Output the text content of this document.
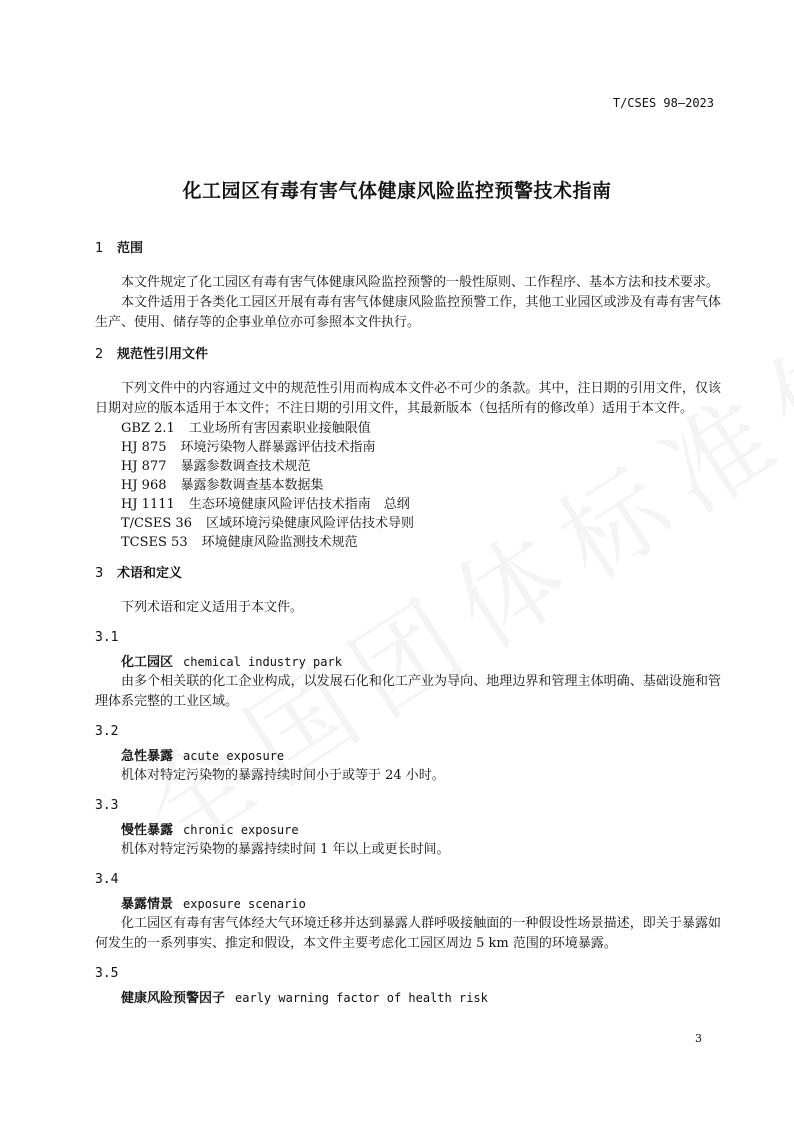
T/CSES 98—2023
化工园区有毒有害气体健康风险监控预警技术指南
1 范围

本文件规定了化工园区有毒有害气体健康风险监控预警的一般性原则、工作程序、基本方法和技术要求。

本文件适用于各类化工园区开展有毒有害气体健康风险监控预警工作，其他工业园区或涉及有毒有害气体生产、使用、储存等的企事业单位亦可参照本文件执行。

2 规范性引用文件

下列文件中的内容通过文中的规范性引用而构成本文件必不可少的条款。其中，注日期的引用文件，仅该日期对应的版本适用于本文件；不注日期的引用文件，其最新版本（包括所有的修改单）适用于本文件。

GBZ 2.1 工业场所有害因素职业接触限值
HJ 875 环境污染物人群暴露评估技术指南
HJ 877 暴露参数调查技术规范
HJ 968 暴露参数调查基本数据集
HJ 1111 生态环境健康风险评估技术指南　总纲
T/CSES 36 区域环境污染健康风险评估技术导则
TCSES 53 环境健康风险监测技术规范
3 术语和定义

下列术语和定义适用于本文件。

3.1
化工园区 chemical industry park

由多个相关联的化工企业构成，以发展石化和化工产业为导向、地理边界和管理主体明确、基础设施和管理体系完整的工业区域。

3.2
急性暴露 acute exposure

机体对特定污染物的暴露持续时间小于或等于 24 小时。

3.3
慢性暴露 chronic exposure

机体对特定污染物的暴露持续时间 1 年以上或更长时间。

3.4
暴露情景 exposure scenario

化工园区有毒有害气体经大气环境迁移并达到暴露人群呼吸接触面的一种假设性场景描述，即关于暴露如何发生的一系列事实、推定和假设，本文件主要考虑化工园区周边 5 km 范围的环境暴露。

3.5
健康风险预警因子 early warning factor of health risk
3
